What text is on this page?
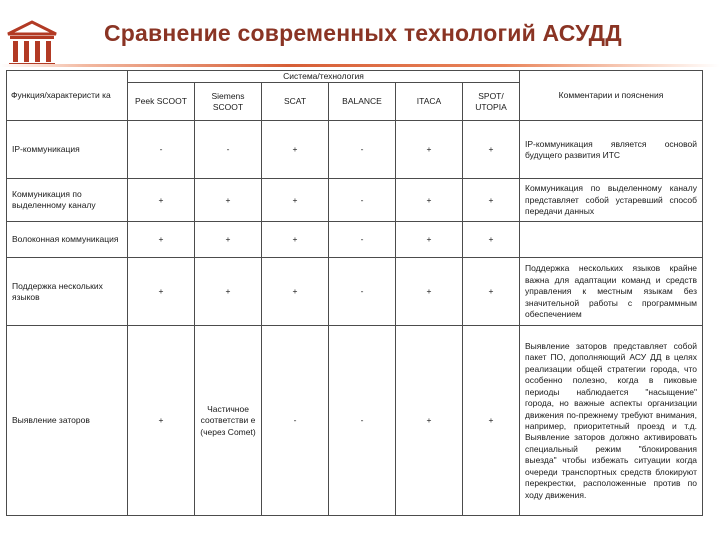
Сравнение современных технологий АСУДД
Функция/характеристи ка	Система/технология						Комментарии и пояснения
	Peek SCOOT	Siemens SCOOT	SCAT	BALANCE	ITACA	SPOT/ UTOPIA	
IP-коммуникация	-	-	+	-	+	+	IP-коммуникация является основой будущего развития ИТС
Коммуникация по выделенному каналу	+	+	+	-	+	+	Коммуникация по выделенному каналу представляет собой устаревший способ передачи данных
Волоконная коммуникация	+	+	+	-	+	+	
Поддержка нескольких языков	+	+	+	-	+	+	Поддержка нескольких языков крайне важна для адаптации команд и средств управления к местным языкам без значительной работы с программным обеспечением
Выявление заторов	+	Частичное соответстви е (через Comet)	-	-	+	+	Выявление заторов представляет собой пакет ПО, дополняющий АСУ ДД в целях реализации общей стратегии города, что особенно полезно, когда в пиковые периоды наблюдается "насыщение" города, но важные аспекты организации движения по-прежнему требуют внимания, например, приоритетный проезд и т.д. Выявление заторов должно активировать специальный режим "блокирования выезда" чтобы избежать ситуации когда очереди транспортных средств блокируют перекрестки, расположенные против по ходу движения.
